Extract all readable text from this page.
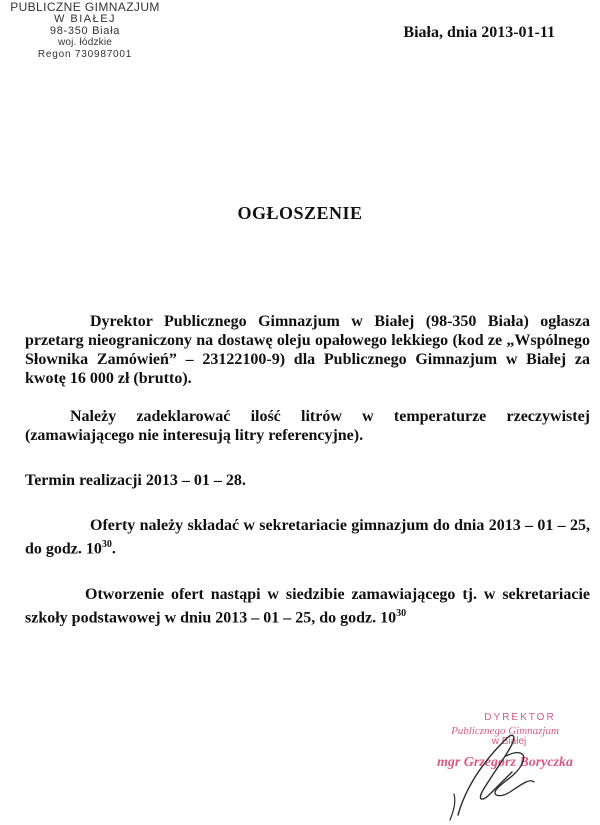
PUBLICZNE GIMNAZJUM
W BIAŁEJ
98-350 Biała
woj. łódzkie
Regon 730987001
Biała, dnia 2013-01-11
OGŁOSZENIE
Dyrektor Publicznego Gimnazjum w Białej (98-350 Biała) ogłasza przetarg nieograniczony na dostawę oleju opałowego lekkiego (kod ze „Wspólnego Słownika Zamówień” – 23122100-9) dla Publicznego Gimnazjum w Białej za kwotę 16 000 zł (brutto).
Należy zadeklarować ilość litrów w temperaturze rzeczywistej (zamawiającego nie interesują litry referencyjne).
Termin realizacji 2013 – 01 – 28.
Oferty należy składać w sekretariacie gimnazjum do dnia 2013 – 01 – 25, do godz. $10^{30}$.
Otworzenie ofert nastąpi w siedzibie zamawiającego tj. w sekretariacie szkoły podstawowej w dniu 2013 – 01 – 25, do godz. $10^{30}$
DYREKTOR
Publicznego Gimnazjum
w Białej
mgr Grzegorz Boryczka
